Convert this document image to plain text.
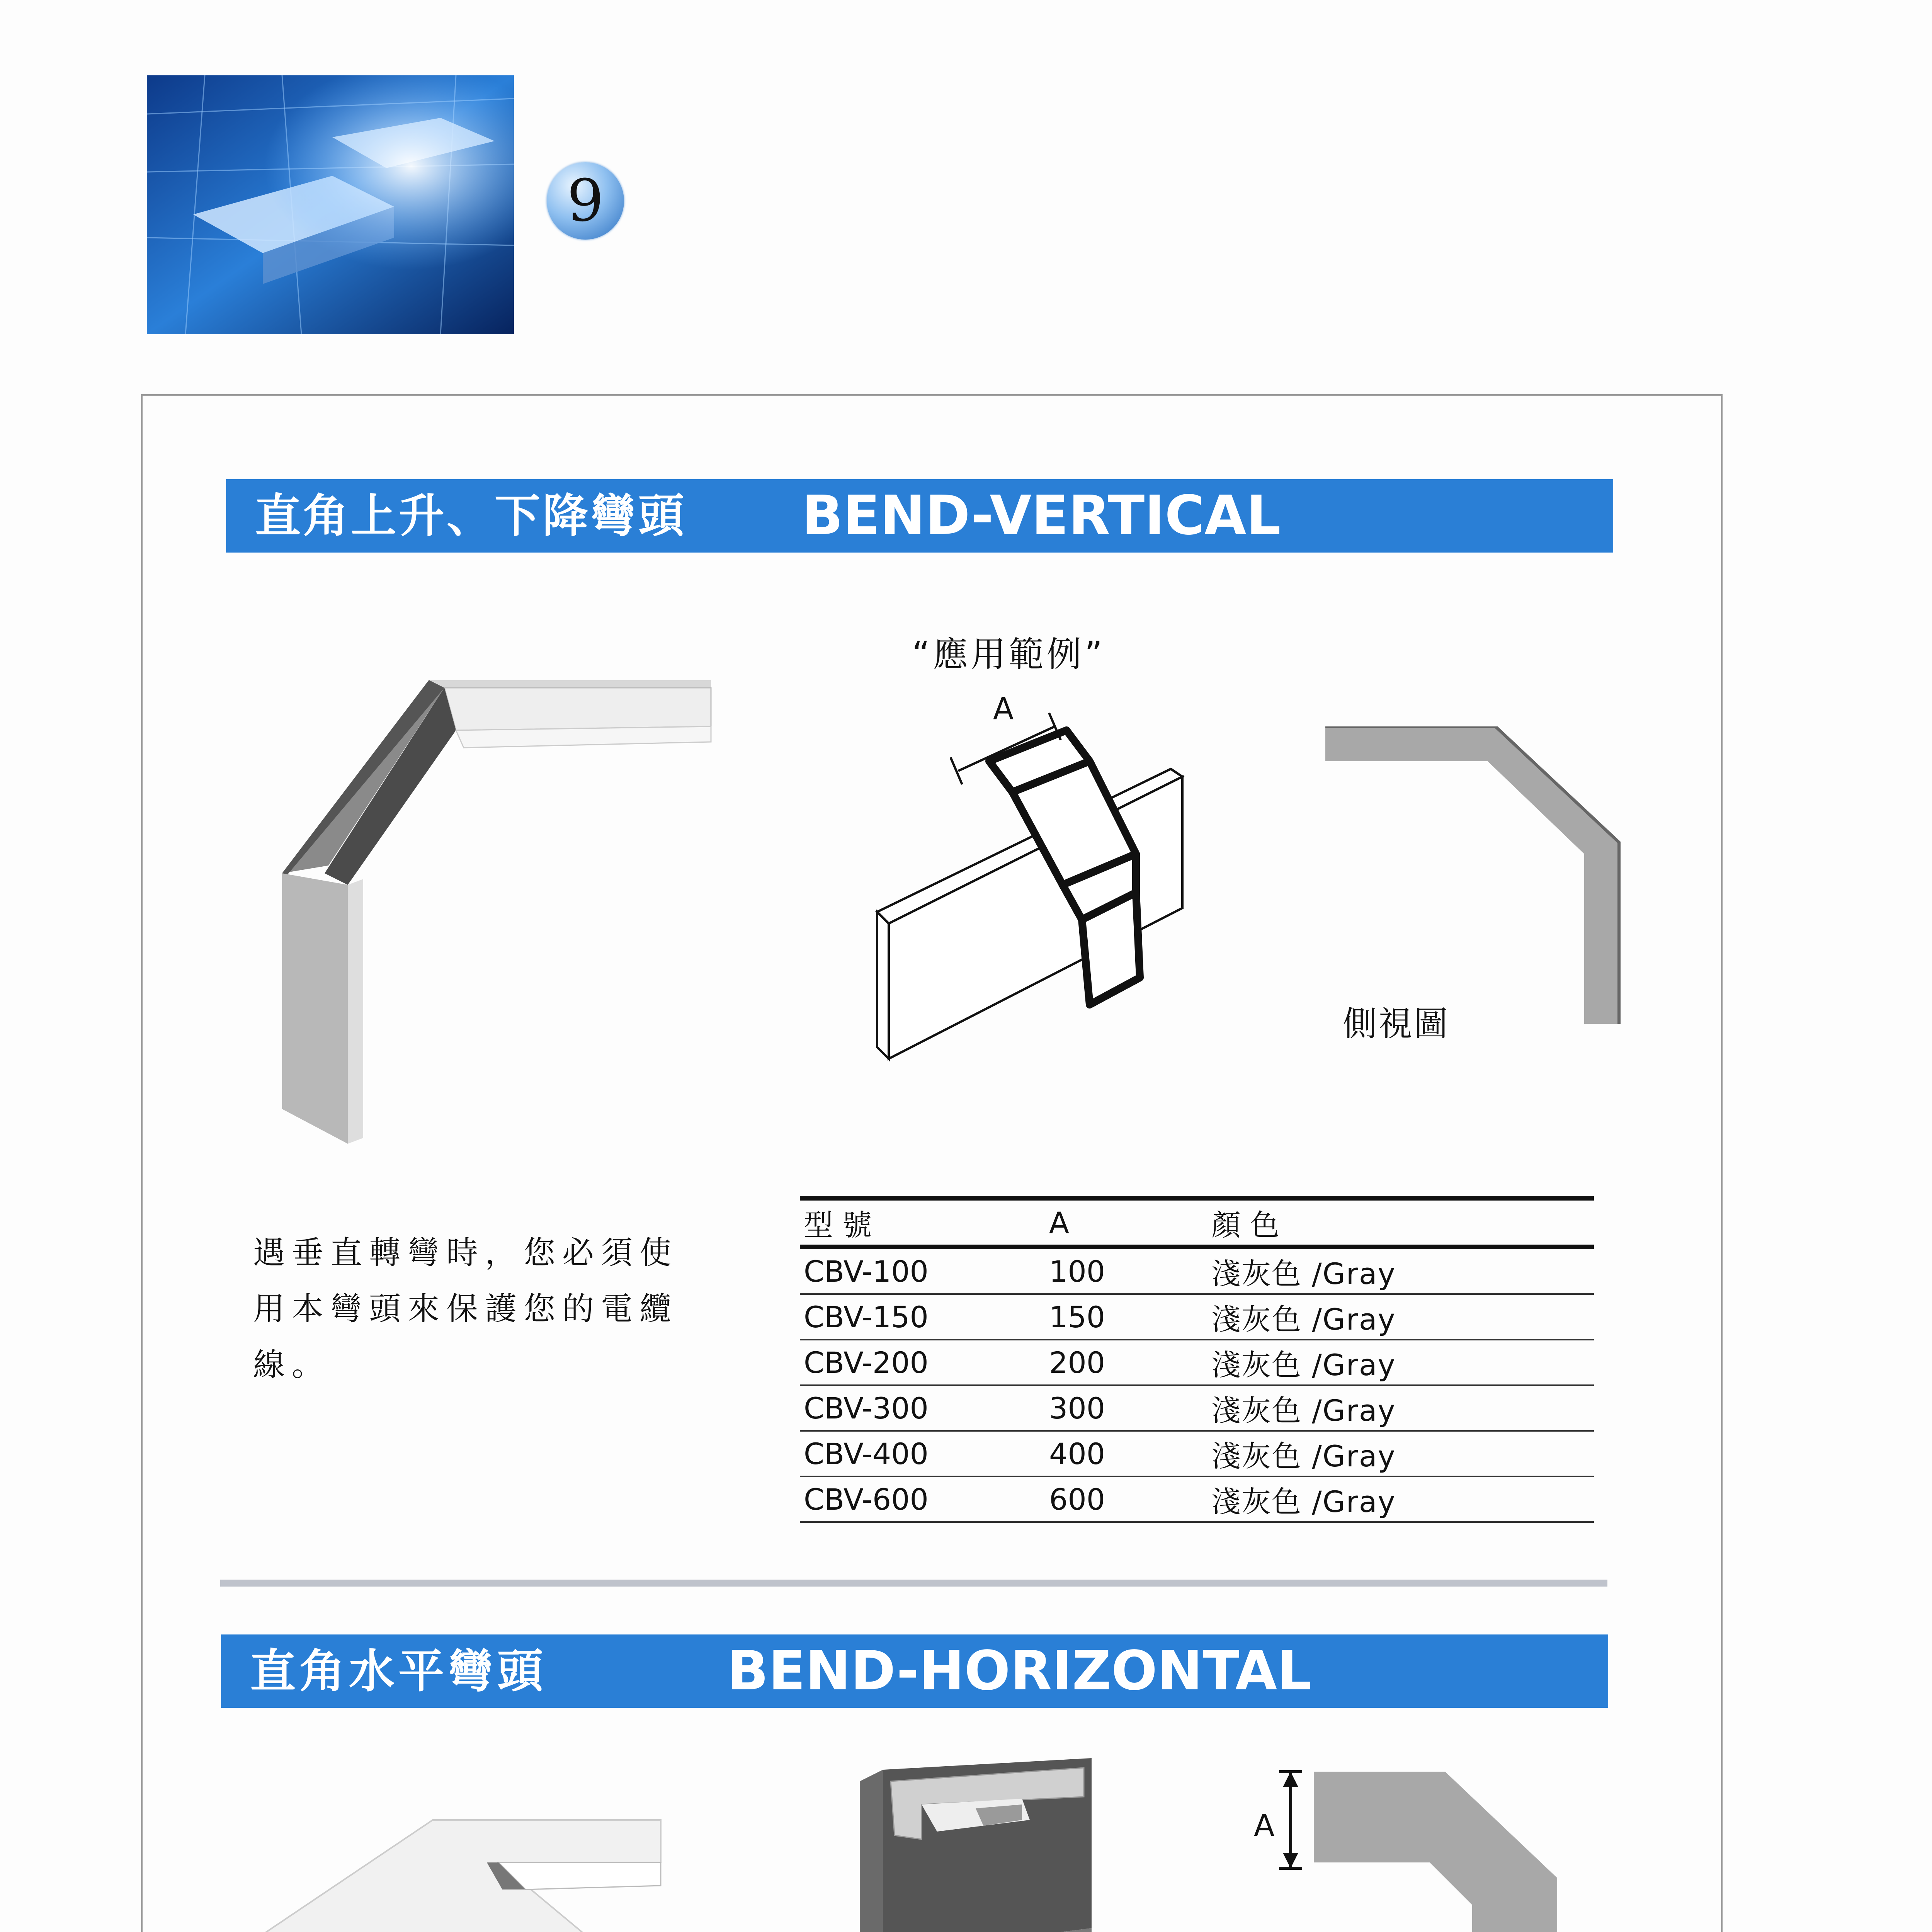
9
直角上升、下降彎頭 BEND-VERTICAL
“應用範例”
A
側視圖
遇垂直轉彎時，您必須使用本彎頭來保護您的電纜線。
型 號	A	顏 色
CBV-100	100	淺灰色 /Gray
CBV-150	150	淺灰色 /Gray
CBV-200	200	淺灰色 /Gray
CBV-300	300	淺灰色 /Gray
CBV-400	400	淺灰色 /Gray
CBV-600	600	淺灰色 /Gray
直角水平彎頭	BEND-HORIZONTAL
A
